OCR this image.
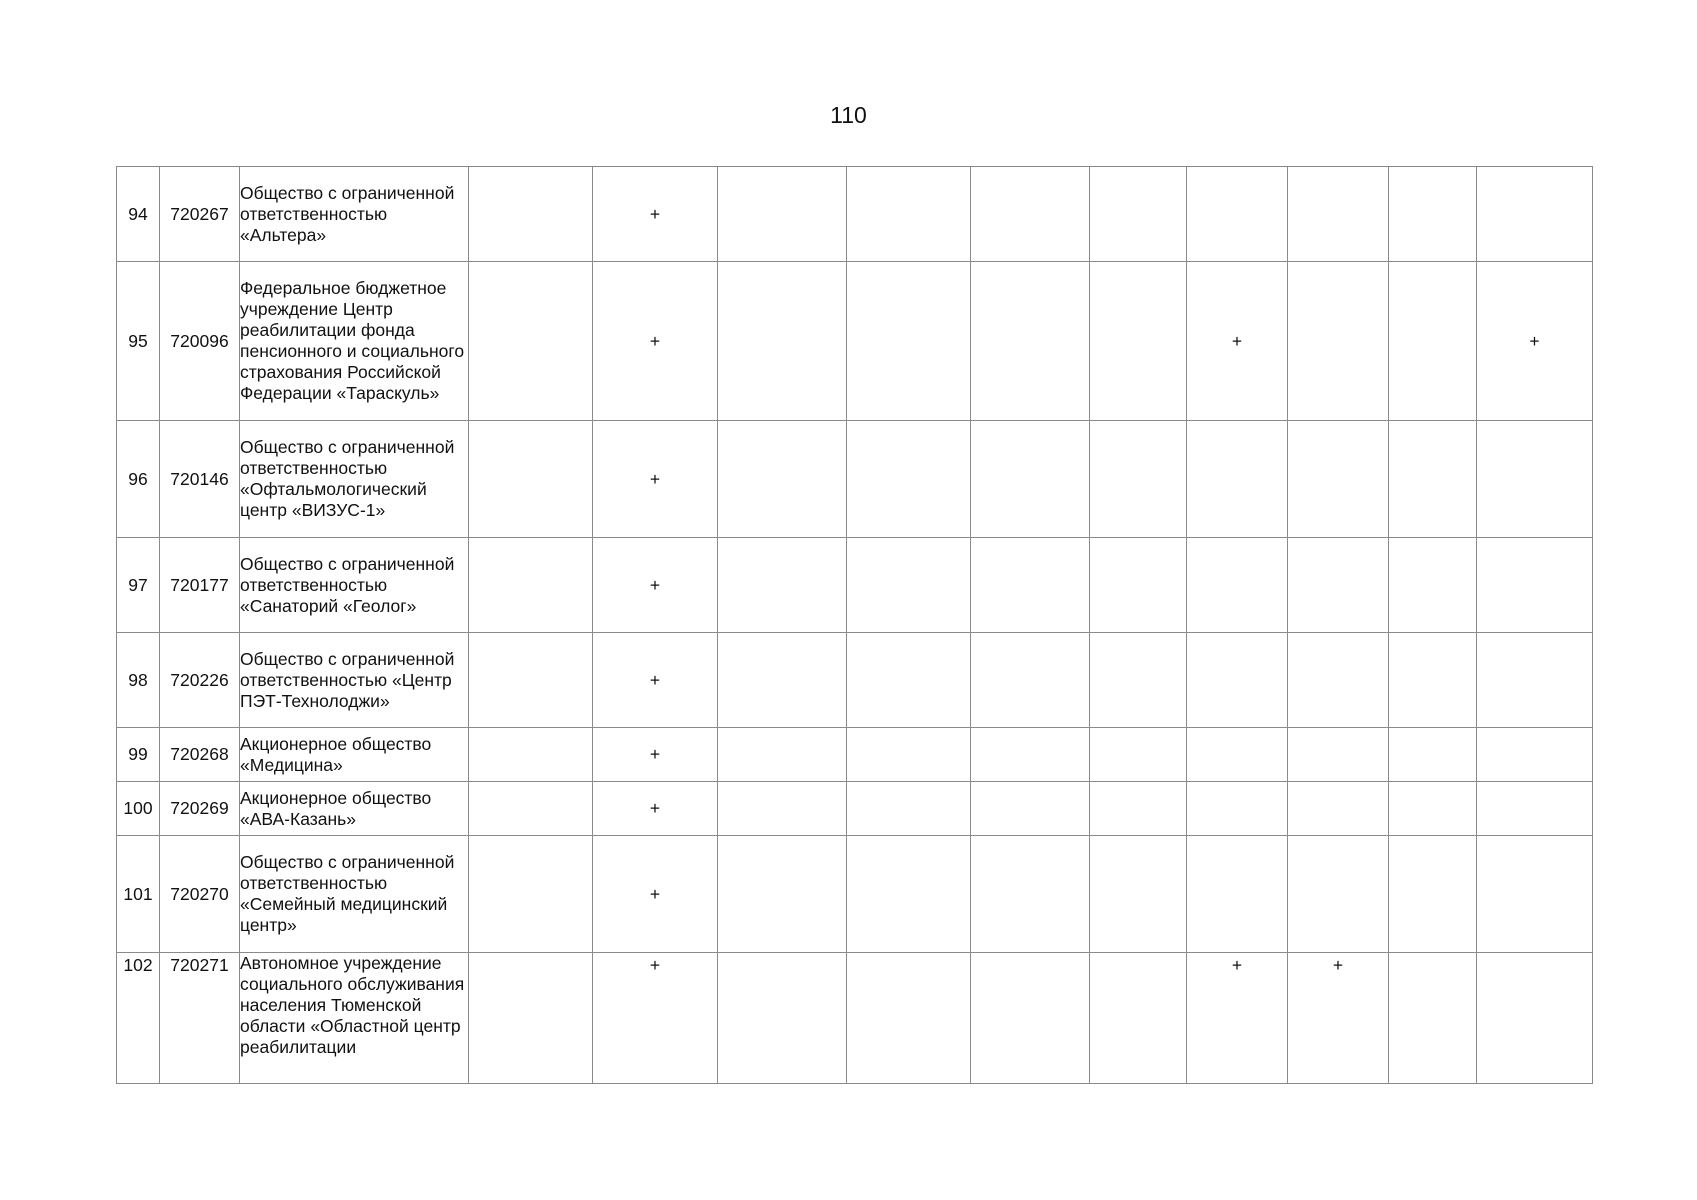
110
94	720267	Общество с ограниченной ответственностью «Альтера»		+								
95	720096	Федеральное бюджетное учреждение Центр реабилитации фонда пенсионного и социального страхования Российской Федерации «Тараскуль»		+					+			+
96	720146	Общество с ограниченной ответственностью «Офтальмологический центр «ВИЗУС-1»		+								
97	720177	Общество с ограниченной ответственностью «Санаторий «Геолог»		+								
98	720226	Общество с ограниченной ответственностью «Центр ПЭТ-Технолоджи»		+								
99	720268	Акционерное общество «Медицина»		+								
100	720269	Акционерное общество «АВА-Казань»		+								
101	720270	Общество с ограниченной ответственностью «Семейный медицинский центр»		+								
102	720271	Автономное учреждение социального обслуживания населения Тюменской области «Областной центр реабилитации		+					+	+		
